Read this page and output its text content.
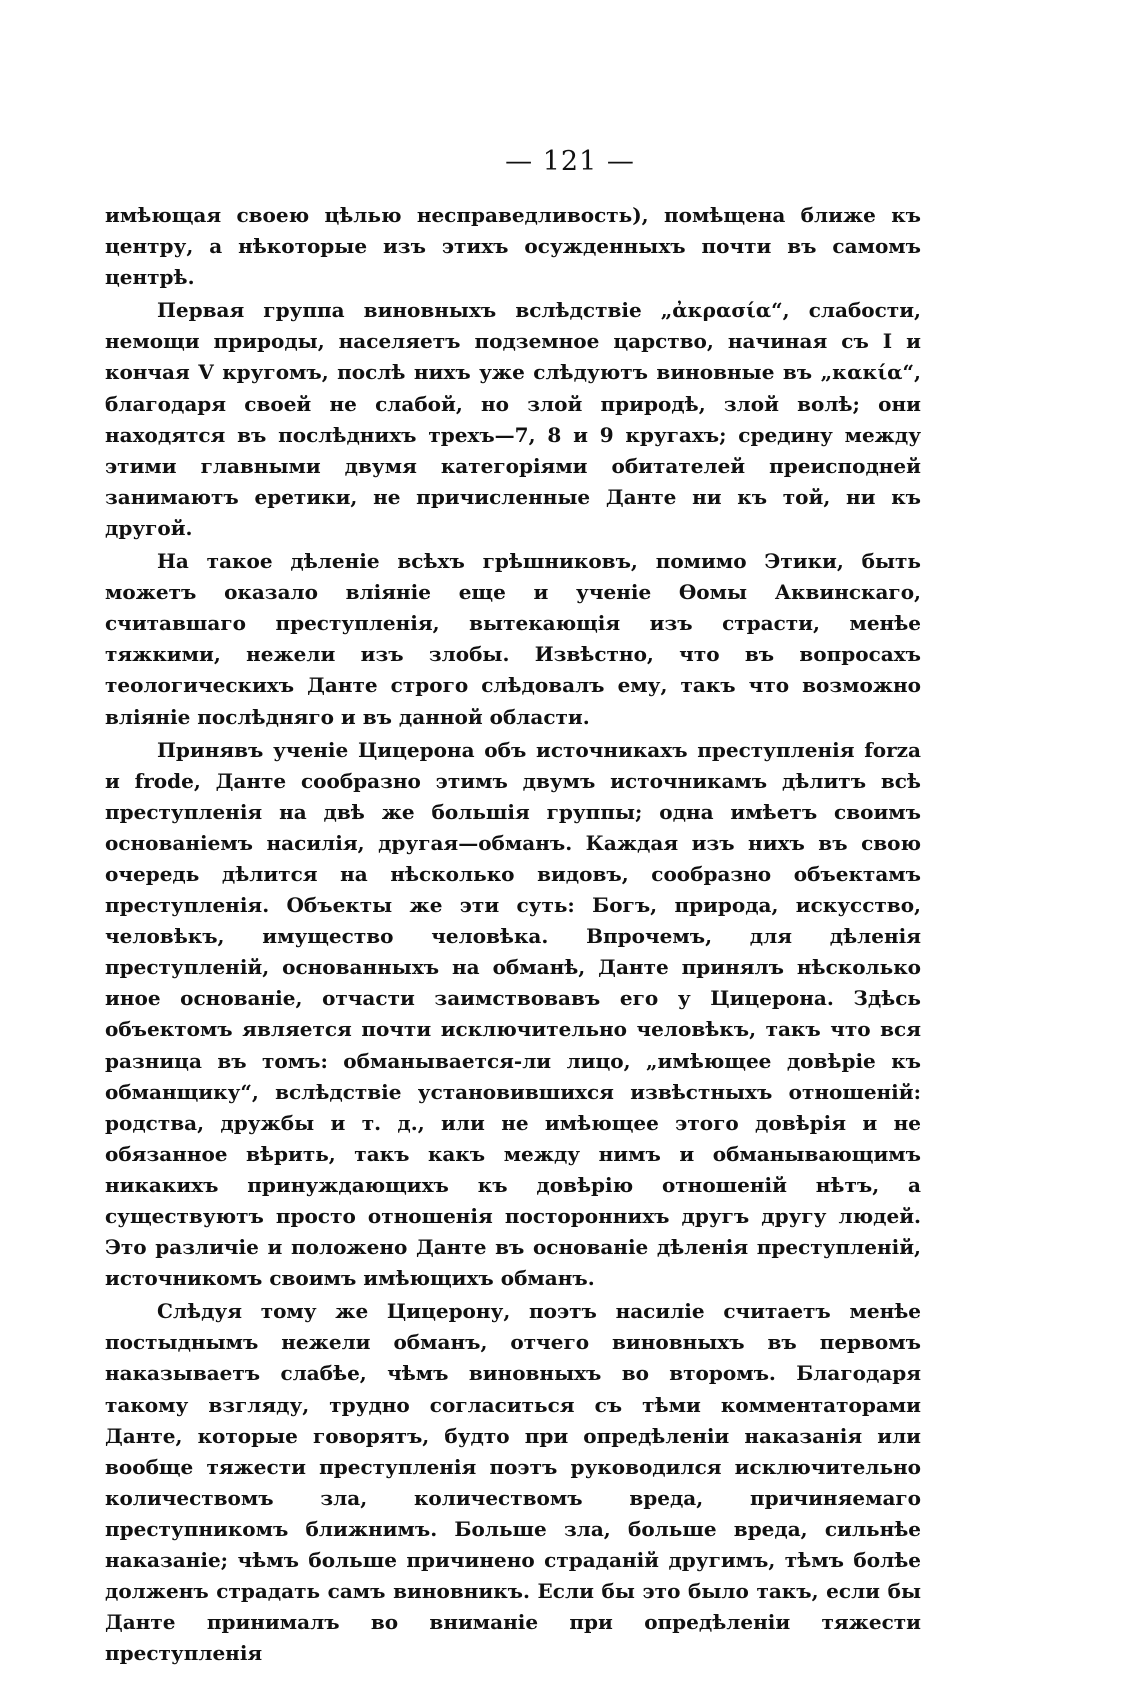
— 121 —

имѣющая своею цѣлью несправедливость), помѣщена ближе къ центру, а нѣкоторые изъ этихъ осужденныхъ почти въ самомъ центрѣ.

Первая группа виновныхъ вслѣдствіе „ἀκρασία“, слабости, немощи природы, населяетъ подземное царство, начиная съ I и кончая V кругомъ, послѣ нихъ уже слѣдуютъ виновные въ „κακία“, благодаря своей не слабой, но злой природѣ, злой волѣ; они находятся въ послѣднихъ трехъ—7, 8 и 9 кругахъ; средину между этими главными двумя категоріями обитателей преисподней занимаютъ еретики, не причисленные Данте ни къ той, ни къ другой.

На такое дѣленіе всѣхъ грѣшниковъ, помимо Этики, быть можетъ оказало вліяніе еще и ученіе Ѳомы Аквинскаго, считавшаго преступленія, вытекающія изъ страсти, менѣе тяжкими, нежели изъ злобы. Извѣстно, что въ вопросахъ теологическихъ Данте строго слѣдовалъ ему, такъ что возможно вліяніе послѣдняго и въ данной области.

Принявъ ученіе Цицерона объ источникахъ преступленія forza и frode, Данте сообразно этимъ двумъ источникамъ дѣлитъ всѣ преступленія на двѣ же большія группы; одна имѣетъ своимъ основаніемъ насилія, другая—обманъ. Каждая изъ нихъ въ свою очередь дѣлится на нѣсколько видовъ, сообразно объектамъ преступленія. Объекты же эти суть: Богъ, природа, искусство, человѣкъ, имущество человѣка. Впрочемъ, для дѣленія преступленій, основанныхъ на обманѣ, Данте принялъ нѣсколько иное основаніе, отчасти заимствовавъ его у Цицерона. Здѣсь объектомъ является почти исключительно человѣкъ, такъ что вся разница въ томъ: обманывается-ли лицо, „имѣющее довѣріе къ обманщику“, вслѣдствіе установившихся извѣстныхъ отношеній: родства, дружбы и т. д., или не имѣющее этого довѣрія и не обязанное вѣрить, такъ какъ между нимъ и обманывающимъ никакихъ принуждающихъ къ довѣрію отношеній нѣтъ, а существуютъ просто отношенія постороннихъ другъ другу людей. Это различіе и положено Данте въ основаніе дѣленія преступленій, источникомъ своимъ имѣющихъ обманъ.

Слѣдуя тому же Цицерону, поэтъ насиліе считаетъ менѣе постыднымъ нежели обманъ, отчего виновныхъ въ первомъ наказываетъ слабѣе, чѣмъ виновныхъ во второмъ. Благодаря такому взгляду, трудно согласиться съ тѣми комментаторами Данте, которые говорятъ, будто при опредѣленіи наказанія или вообще тяжести преступленія поэтъ руководился исключительно количествомъ зла, количествомъ вреда, причиняемаго преступникомъ ближнимъ. Больше зла, больше вреда, сильнѣе наказаніе; чѣмъ больше причинено страданій другимъ, тѣмъ болѣе долженъ страдать самъ виновникъ. Если бы это было такъ, если бы Данте принималъ во вниманіе при опредѣленіи тяжести преступленія
